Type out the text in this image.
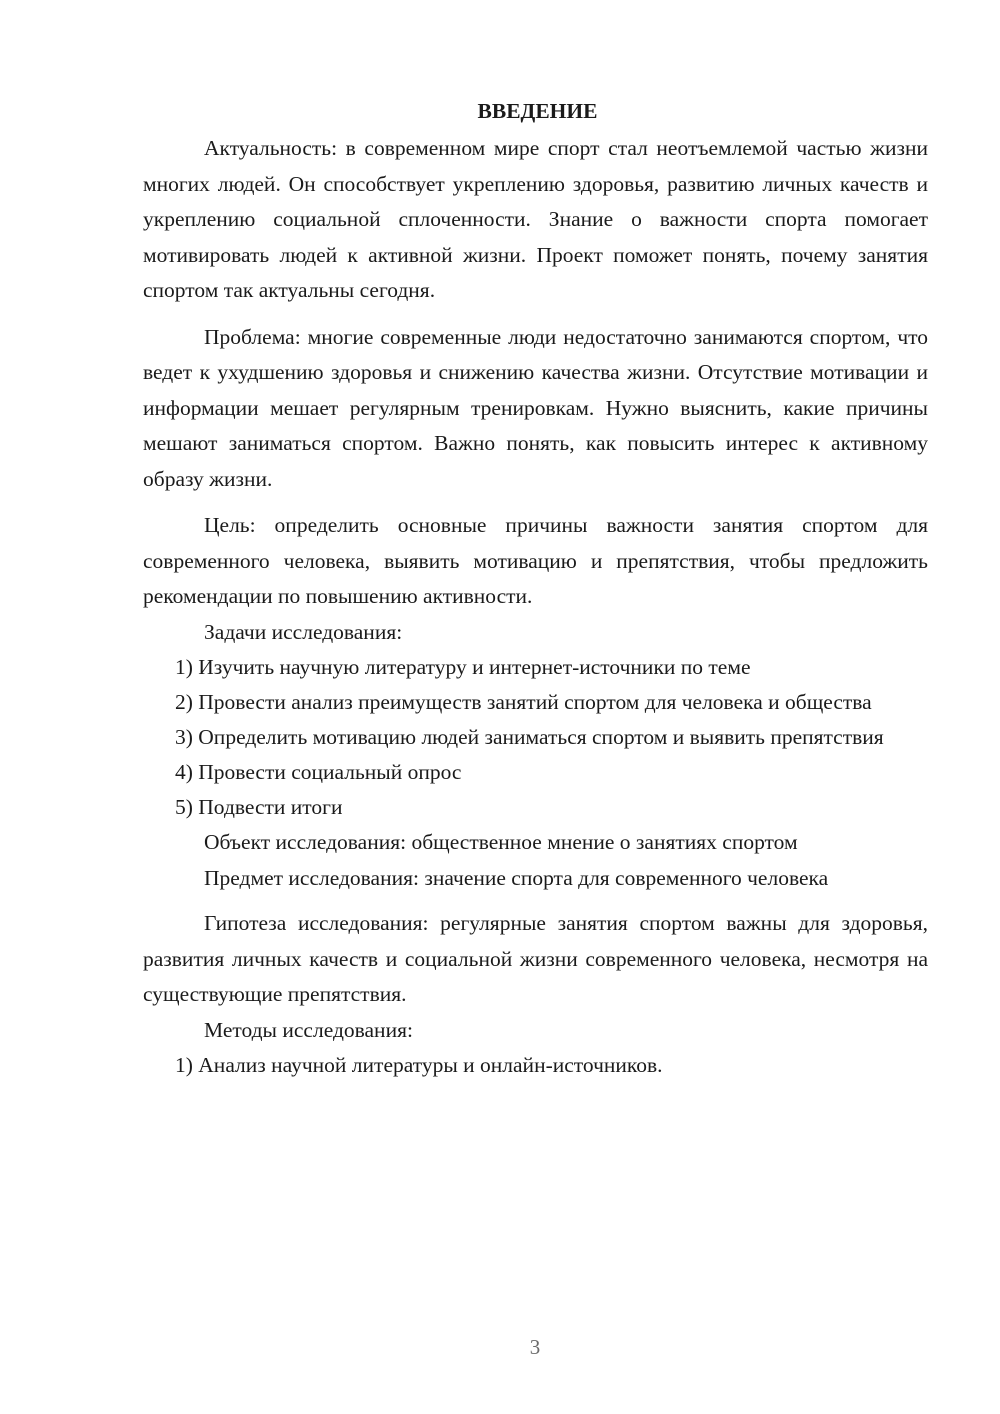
ВВЕДЕНИЕ

Актуальность: в современном мире спорт стал неотъемлемой частью жизни многих людей. Он способствует укреплению здоровья, развитию личных качеств и укреплению социальной сплоченности. Знание о важности спорта помогает мотивировать людей к активной жизни. Проект поможет понять, почему занятия спортом так актуальны сегодня.

Проблема: многие современные люди недостаточно занимаются спортом, что ведет к ухудшению здоровья и снижению качества жизни. Отсутствие мотивации и информации мешает регулярным тренировкам. Нужно выяснить, какие причины мешают заниматься спортом. Важно понять, как повысить интерес к активному образу жизни.

Цель: определить основные причины важности занятия спортом для современного человека, выявить мотивацию и препятствия, чтобы предложить рекомендации по повышению активности.

Задачи исследования:

1) Изучить научную литературу и интернет-источники по теме

2) Провести анализ преимуществ занятий спортом для человека и общества

3) Определить мотивацию людей заниматься спортом и выявить препятствия

4) Провести социальный опрос

5) Подвести итоги

Объект исследования: общественное мнение о занятиях спортом

Предмет исследования: значение спорта для современного человека

Гипотеза исследования: регулярные занятия спортом важны для здоровья, развития личных качеств и социальной жизни современного человека, несмотря на существующие препятствия.

Методы исследования:

1) Анализ научной литературы и онлайн-источников.

3
